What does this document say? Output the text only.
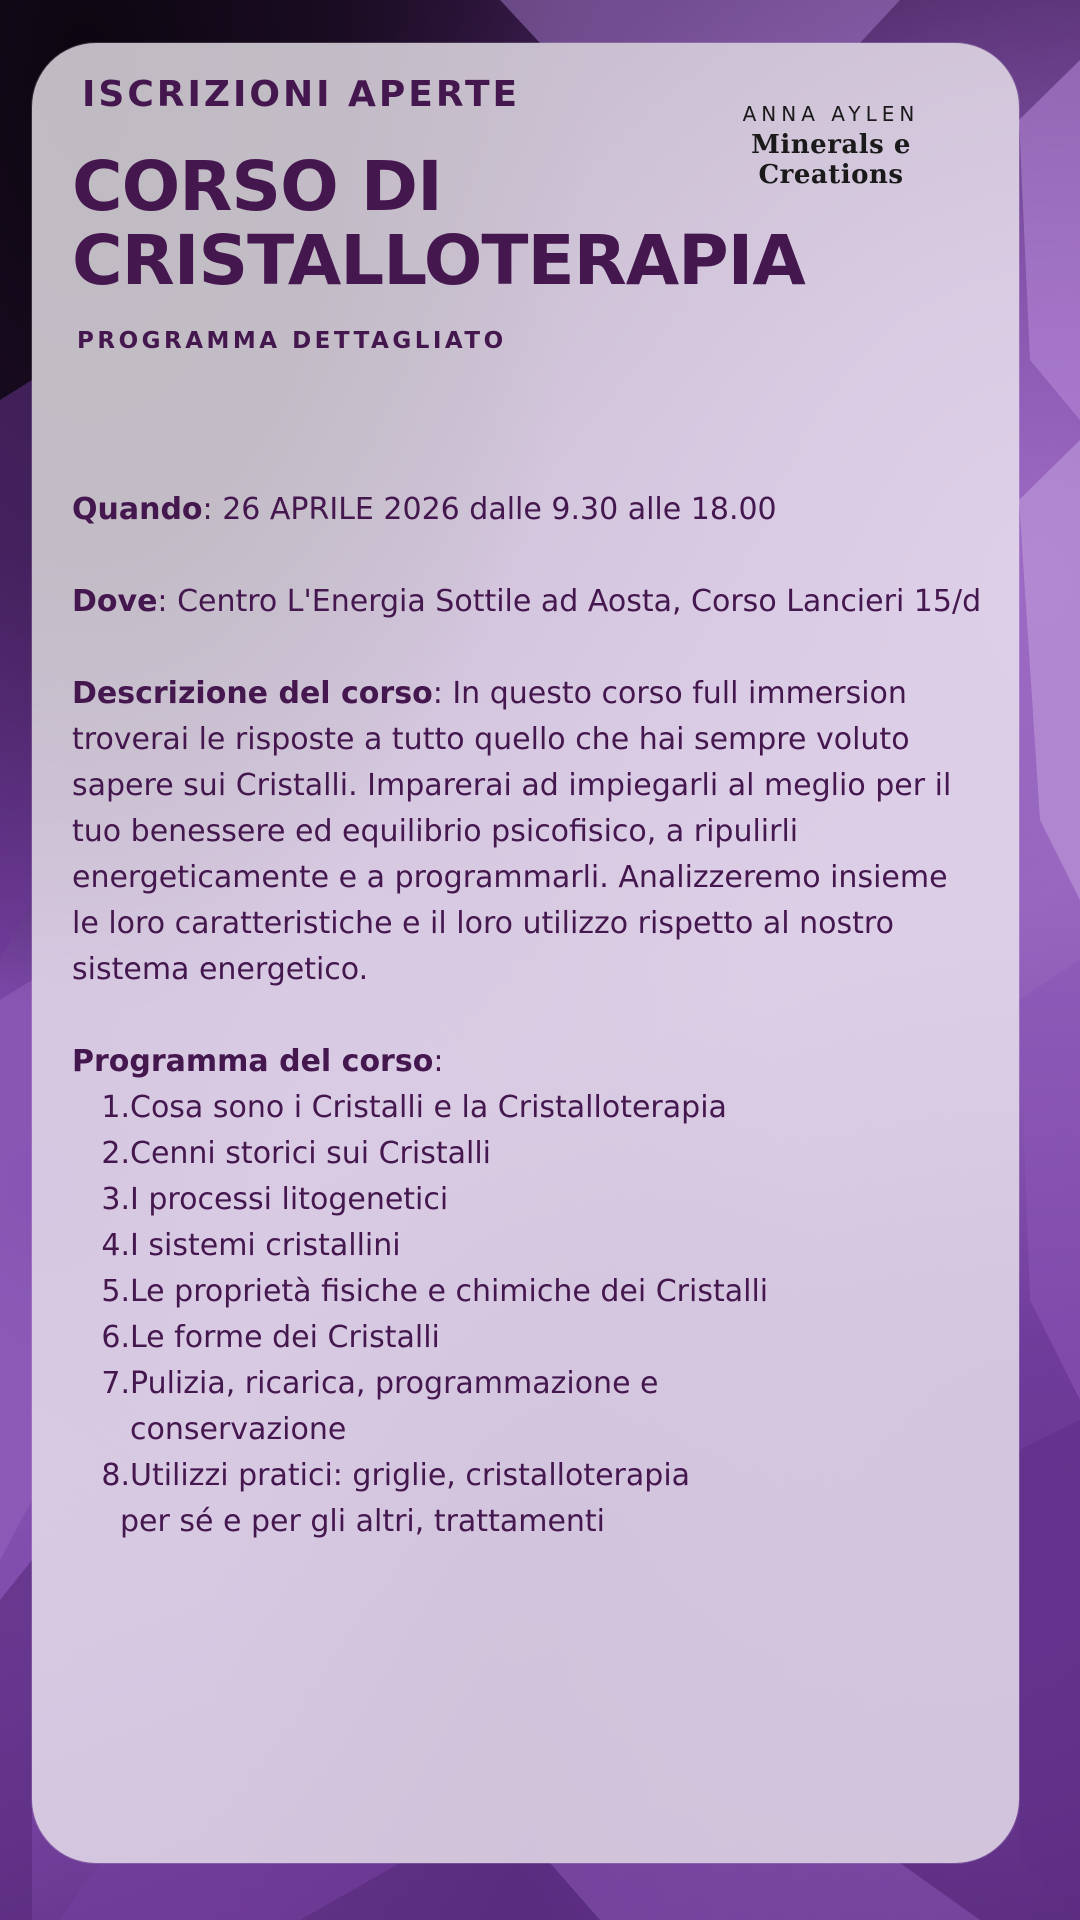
ISCRIZIONI APERTE	ANNA AYLEN
Minerals e Creations
CORSO DI
CRISTALLOTERAPIA
PROGRAMMA DETTAGLIATO

Quando: 26 APRILE 2026 dalle 9.30 alle 18.00

Dove: Centro L'Energia Sottile ad Aosta, Corso Lancieri 15/d

Descrizione del corso: In questo corso full immersion troverai le risposte a tutto quello che hai sempre voluto sapere sui Cristalli. Imparerai ad impiegarli al meglio per il tuo benessere ed equilibrio psicofisico, a ripulirli energeticamente e a programmarli. Analizzeremo insieme le loro caratteristiche e il loro utilizzo rispetto al nostro sistema energetico.

Programma del corso:
1. Cosa sono i Cristalli e la Cristalloterapia
2. Cenni storici sui Cristalli
3. I processi litogenetici
4. I sistemi cristallini
5. Le proprietà fisiche e chimiche dei Cristalli
6. Le forme dei Cristalli
7. Pulizia, ricarica, programmazione e conservazione
8. Utilizzi pratici: griglie, cristalloterapia
per sé e per gli altri, trattamenti
